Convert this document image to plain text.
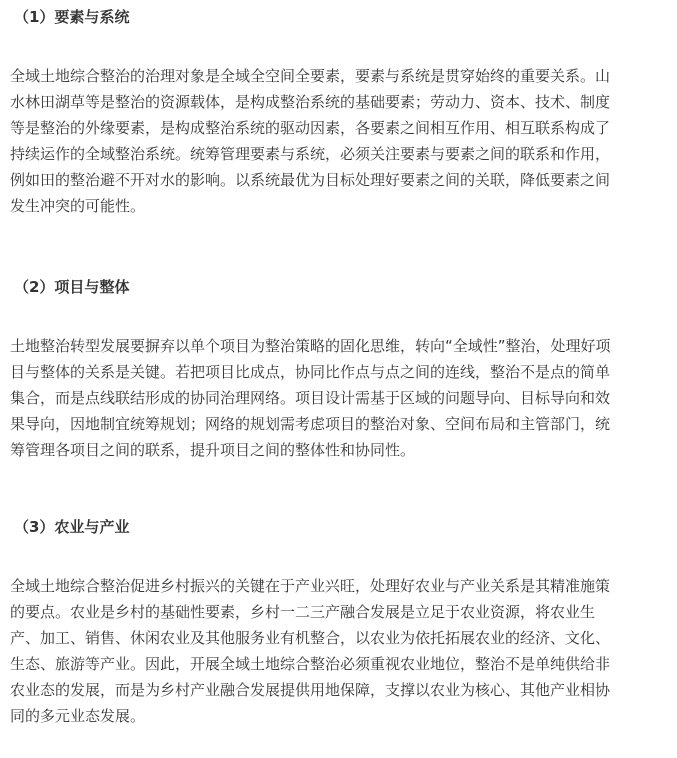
（1）要素与系统
全域土地综合整治的治理对象是全域全空间全要素，要素与系统是贯穿始终的重要关系。山
水林田湖草等是整治的资源载体，是构成整治系统的基础要素；劳动力、资本、技术、制度
等是整治的外缘要素，是构成整治系统的驱动因素，各要素之间相互作用、相互联系构成了
持续运作的全域整治系统。统筹管理要素与系统，必须关注要素与要素之间的联系和作用，
例如田的整治避不开对水的影响。以系统最优为目标处理好要素之间的关联，降低要素之间
发生冲突的可能性。
（2）项目与整体
土地整治转型发展要摒弃以单个项目为整治策略的固化思维，转向“全域性”整治，处理好项
目与整体的关系是关键。若把项目比成点，协同比作点与点之间的连线，整治不是点的简单
集合，而是点线联结形成的协同治理网络。项目设计需基于区域的问题导向、目标导向和效
果导向，因地制宜统筹规划；网络的规划需考虑项目的整治对象、空间布局和主管部门，统
筹管理各项目之间的联系，提升项目之间的整体性和协同性。
（3）农业与产业
全域土地综合整治促进乡村振兴的关键在于产业兴旺，处理好农业与产业关系是其精准施策
的要点。农业是乡村的基础性要素，乡村一二三产融合发展是立足于农业资源，将农业生
产、加工、销售、休闲农业及其他服务业有机整合，以农业为依托拓展农业的经济、文化、
生态、旅游等产业。因此，开展全域土地综合整治必须重视农业地位，整治不是单纯供给非
农业态的发展，而是为乡村产业融合发展提供用地保障，支撑以农业为核心、其他产业相协
同的多元业态发展。
